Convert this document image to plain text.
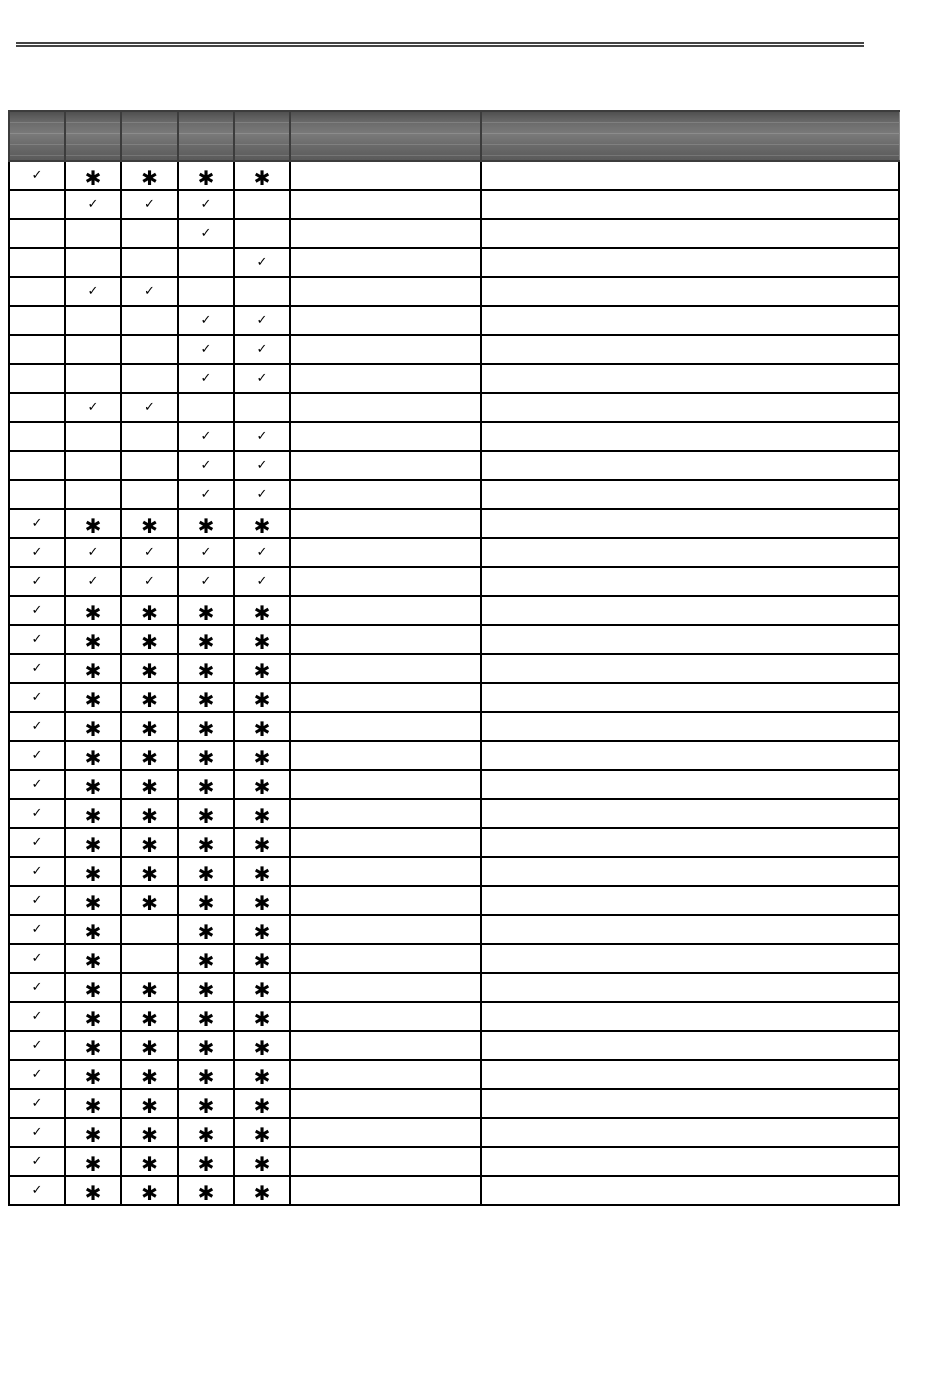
✓	✱	✱	✱	✱		
	✓	✓	✓			
			✓			
				✓		
	✓	✓				
			✓	✓		
			✓	✓		
			✓	✓		
	✓	✓				
			✓	✓		
			✓	✓		
			✓	✓		
✓	✱	✱	✱	✱		
✓	✓	✓	✓	✓		
✓	✓	✓	✓	✓		
✓	✱	✱	✱	✱		
✓	✱	✱	✱	✱		
✓	✱	✱	✱	✱		
✓	✱	✱	✱	✱		
✓	✱	✱	✱	✱		
✓	✱	✱	✱	✱		
✓	✱	✱	✱	✱		
✓	✱	✱	✱	✱		
✓	✱	✱	✱	✱		
✓	✱	✱	✱	✱		
✓	✱	✱	✱	✱		
✓	✱		✱	✱		
✓	✱		✱	✱		
✓	✱	✱	✱	✱		
✓	✱	✱	✱	✱		
✓	✱	✱	✱	✱		
✓	✱	✱	✱	✱		
✓	✱	✱	✱	✱		
✓	✱	✱	✱	✱		
✓	✱	✱	✱	✱		
✓	✱	✱	✱	✱		
